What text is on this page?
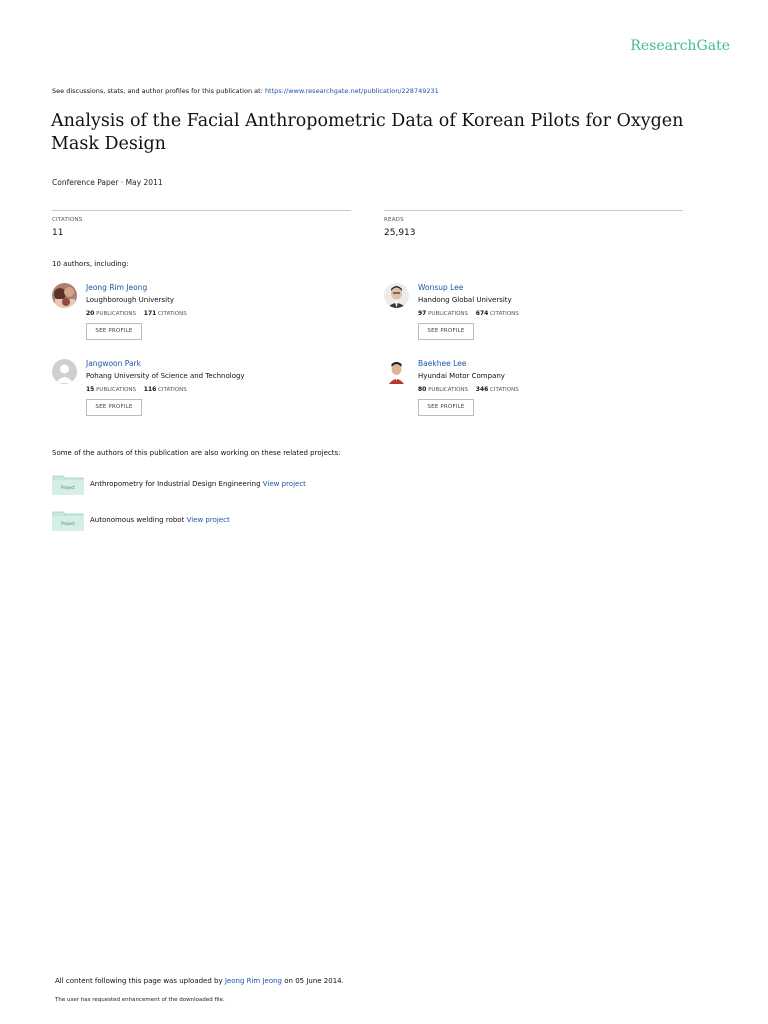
ResearchGate
See discussions, stats, and author profiles for this publication at: https://www.researchgate.net/publication/228749231
Analysis of the Facial Anthropometric Data of Korean Pilots for Oxygen Mask Design
Conference Paper · May 2011
CITATIONS
11
READS
25,913
10 authors, including:
Jeong Rim Jeong
Loughborough University
20 PUBLICATIONS 171 CITATIONS
SEE PROFILE
Wonsup Lee
Handong Global University
97 PUBLICATIONS 674 CITATIONS
SEE PROFILE
Jangwoon Park
Pohang University of Science and Technology
15 PUBLICATIONS 116 CITATIONS
SEE PROFILE
Baekhee Lee
Hyundai Motor Company
80 PUBLICATIONS 346 CITATIONS
SEE PROFILE
Some of the authors of this publication are also working on these related projects:
Project Anthropometry for Industrial Design Engineering View project
Project Autonomous welding robot View project
All content following this page was uploaded by Jeong Rim Jeong on 05 June 2014.
The user has requested enhancement of the downloaded file.
